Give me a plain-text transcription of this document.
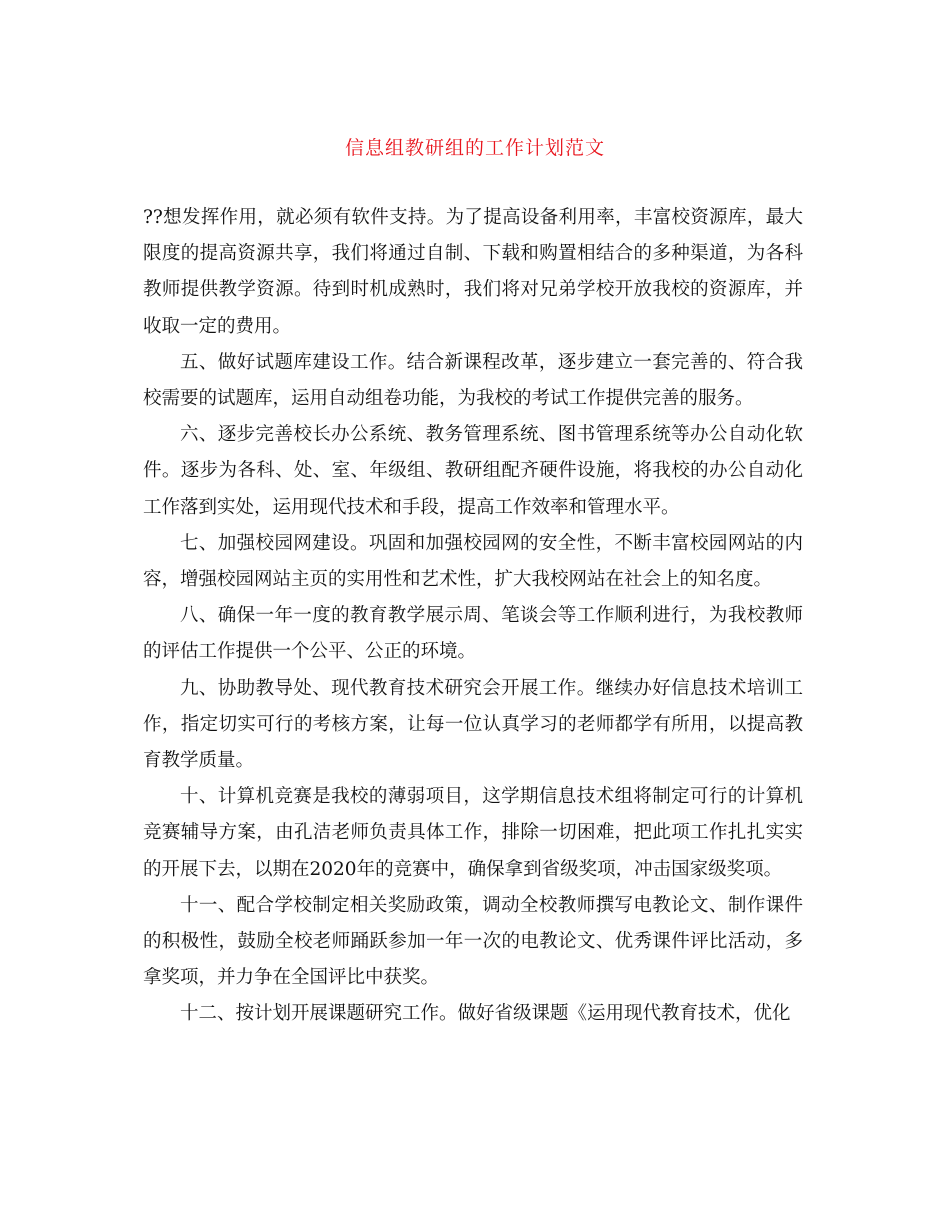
信息组教研组的工作计划范文

??想发挥作用，就必须有软件支持。为了提高设备利用率，丰富校资源库，最大限度的提高资源共享，我们将通过自制、下载和购置相结合的多种渠道，为各科教师提供教学资源。待到时机成熟时，我们将对兄弟学校开放我校的资源库，并收取一定的费用。

五、做好试题库建设工作。结合新课程改革，逐步建立一套完善的、符合我校需要的试题库，运用自动组卷功能，为我校的考试工作提供完善的服务。

六、逐步完善校长办公系统、教务管理系统、图书管理系统等办公自动化软件。逐步为各科、处、室、年级组、教研组配齐硬件设施，将我校的办公自动化工作落到实处，运用现代技术和手段，提高工作效率和管理水平。

七、加强校园网建设。巩固和加强校园网的安全性，不断丰富校园网站的内容，增强校园网站主页的实用性和艺术性，扩大我校网站在社会上的知名度。

八、确保一年一度的教育教学展示周、笔谈会等工作顺利进行，为我校教师的评估工作提供一个公平、公正的环境。

九、协助教导处、现代教育技术研究会开展工作。继续办好信息技术培训工作，指定切实可行的考核方案，让每一位认真学习的老师都学有所用，以提高教育教学质量。

十、计算机竞赛是我校的薄弱项目，这学期信息技术组将制定可行的计算机竞赛辅导方案，由孔洁老师负责具体工作，排除一切困难，把此项工作扎扎实实的开展下去，以期在2020年的竞赛中，确保拿到省级奖项，冲击国家级奖项。

十一、配合学校制定相关奖励政策，调动全校教师撰写电教论文、制作课件的积极性，鼓励全校老师踊跃参加一年一次的电教论文、优秀课件评比活动，多拿奖项，并力争在全国评比中获奖。

十二、按计划开展课题研究工作。做好省级课题《运用现代教育技术，优化
